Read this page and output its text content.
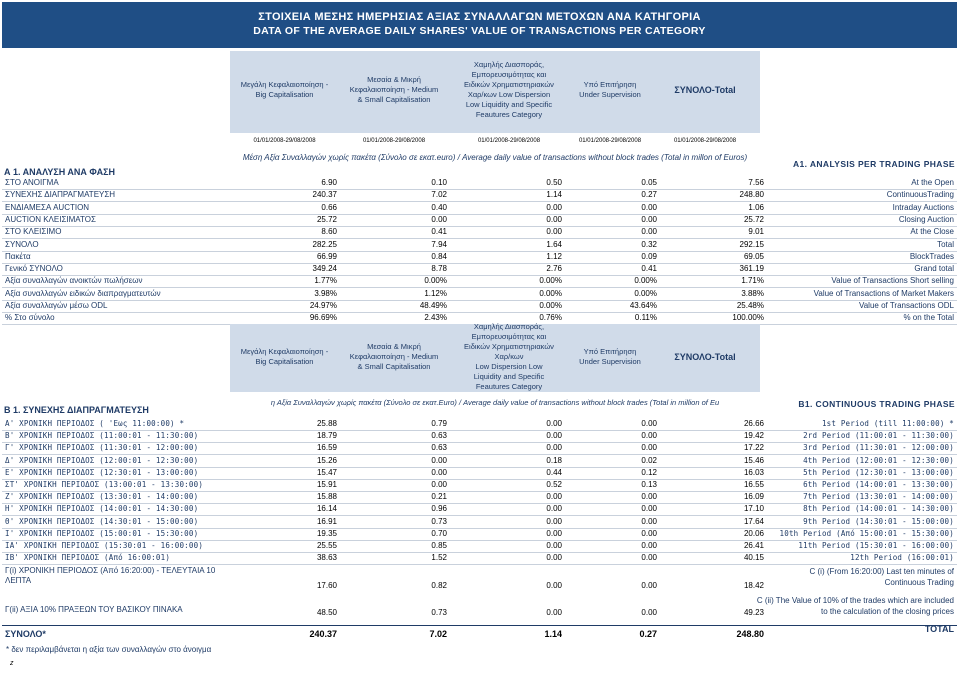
ΣΤΟΙΧΕΙΑ ΜΕΣΗΣ ΗΜΕΡΗΣΙΑΣ ΑΞΙΑΣ ΣΥΝΑΛΛΑΓΩΝ ΜΕΤΟΧΩΝ ΑΝΑ ΚΑΤΗΓΟΡΙΑ
DATA OF THE AVERAGE DAILY SHARES' VALUE OF TRANSACTIONS PER CATEGORY
Μεγάλη Κεφαλαιοποίηση -
Big Capitalisation
Μεσαία & Μικρή
Κεφαλαιοποίηση - Medium
& Small Capitalisation
Χαμηλής Διασποράς,
Εμπορευσιμότητας και
Ειδικών Χρηματιστηριακών
Χαρ/κων Low Dispersion
Low Liquidity and Specific
Feautures Category
Υπό Επιτήρηση
Under Supervision	ΣΥΝΟΛΟ-Total
01/01/2008-29/08/2008	01/01/2008-29/08/2008	01/01/2008-29/08/2008	01/01/2008-29/08/2008	01/01/2008-29/08/2008
Α 1. ΑΝΑΛΥΣΗ ΑΝΑ ΦΑΣΗ
Μέση Αξία Συναλλαγών χωρίς πακέτα (Σύνολο σε εκατ.euro) / Average daily value of transactions without block trades (Total in millon of Euros)
A1. ANALYSIS PER TRADING PHASE
ΣΤΟ ΑΝΟΙΓΜΑ	6.90	0.10	0.50	0.05	7.56	At the Open
ΣΥΝΕΧΗΣ ΔΙΑΠΡΑΓΜΑΤΕΥΣΗ	240.37	7.02	1.14	0.27	248.80	ContinuousTrading
ΕΝΔΙΑΜΕΣΑ AUCTION	0.66	0.40	0.00	0.00	1.06	Intraday Auctions
AUCTION ΚΛΕΙΣΙΜΑΤΟΣ	25.72	0.00	0.00	0.00	25.72	Closing Auction
ΣΤΟ ΚΛΕΙΣΙΜΟ	8.60	0.41	0.00	0.00	9.01	At the Close
ΣΥΝΟΛΟ	282.25	7.94	1.64	0.32	292.15	Total
Πακέτα	66.99	0.84	1.12	0.09	69.05	BlockTrades
Γενικό ΣΥΝΟΛΟ	349.24	8.78	2.76	0.41	361.19	Grand total
Αξία συναλλαγών ανοικτών πωλήσεων	1.77%	0.00%	0.00%	0.00%	1.71%	Value of Transactions Short selling
Αξία συναλλαγών ειδικών διαπραγματευτών	3.98%	1.12%	0.00%	0.00%	3.88%	Value of Transactions of Market Makers
Αξία συναλλαγών μέσω ODL	24.97%	48.49%	0.00%	43.64%	25.48%	Value of Transactions ODL
% Στο σύνολο	96.69%	2.43%	0.76%	0.11%	100.00%	% on the Total
Μεγάλη Κεφαλαιοποίηση -
Big Capitalisation
Μεσαία & Μικρή
Κεφαλαιοποίηση - Medium
& Small Capitalisation
Χαμηλής Διασποράς,
Εμπορευσιμότητας και
Ειδικών Χρηματιστηριακών
Χαρ/κων
Low Dispersion Low
Liquidity and Specific
Feautures Category
Υπό Επιτήρηση
Under Supervision	ΣΥΝΟΛΟ-Total
Β 1. ΣΥΝΕΧΗΣ ΔΙΑΠΡΑΓΜΑΤΕΥΣΗ
η Αξία Συναλλαγών χωρίς πακέτα (Σύνολο σε εκατ.Euro) / Average daily value of transactions without block trades (Total in million of Eu	B1. CONTINUOUS TRADING PHASE
Α' ΧΡΟΝΙΚΗ ΠΕΡΙΟΔΟΣ ( 'Εως 11:00:00) *	25.88	0.79	0.00	0.00	26.66	1st Period (till 11:00:00) *
Β' ΧΡΟΝΙΚΗ ΠΕΡΙΟΔΟΣ (11:00:01 - 11:30:00)	18.79	0.63	0.00	0.00	19.42	2rd Period (11:00:01 - 11:30:00)
Γ' ΧΡΟΝΙΚΗ ΠΕΡΙΟΔΟΣ (11:30:01 - 12:00:00)	16.59	0.63	0.00	0.00	17.22	3rd Period (11:30:01 - 12:00:00)
Δ' ΧΡΟΝΙΚΗ ΠΕΡΙΟΔΟΣ (12:00:01 - 12:30:00)	15.26	0.00	0.18	0.02	15.46	4th Period (12:00:01 - 12:30:00)
Ε' ΧΡΟΝΙΚΗ ΠΕΡΙΟΔΟΣ (12:30:01 - 13:00:00)	15.47	0.00	0.44	0.12	16.03	5th Period (12:30:01 - 13:00:00)
ΣΤ' ΧΡΟΝΙΚΗ ΠΕΡΙΟΔΟΣ (13:00:01 - 13:30:00)	15.91	0.00	0.52	0.13	16.55	6th Period (14:00:01 - 13:30:00)
Ζ' ΧΡΟΝΙΚΗ ΠΕΡΙΟΔΟΣ (13:30:01 - 14:00:00)	15.88	0.21	0.00	0.00	16.09	7th Period (13:30:01 - 14:00:00)
Η' ΧΡΟΝΙΚΗ ΠΕΡΙΟΔΟΣ (14:00:01 - 14:30:00)	16.14	0.96	0.00	0.00	17.10	8th Period (14:00:01 - 14:30:00)
Θ' ΧΡΟΝΙΚΗ ΠΕΡΙΟΔΟΣ (14:30:01 - 15:00:00)	16.91	0.73	0.00	0.00	17.64	9th Period (14:30:01 - 15:00:00)
Ι' ΧΡΟΝΙΚΗ ΠΕΡΙΟΔΟΣ (15:00:01 - 15:30:00)	19.35	0.70	0.00	0.00	20.06 10th Period (Από 15:00:01 - 15:30:00)
ΙΑ' ΧΡΟΝΙΚΗ ΠΕΡΙΟΔΟΣ (15:30:01 - 16:00:00)	25.55	0.85	0.00	0.00	26.41	11th Period (15:30:01 - 16:00:00)
ΙΒ' ΧΡΟΝΙΚΗ ΠΕΡΙΟΔΟΣ (Από 16:00:01)	38.63	1.52	0.00	0.00	40.15	12th Period (16:00:01)
Γ(i) ΧΡΟΝΙΚΗ ΠΕΡΙΟΔΟΣ (Από 16:20:00) - ΤΕΛΕΥΤΑΙΑ 10 ΛΕΠΤΑ
17.60	0.82	0.00	0.00	18.42
C (i) (From 16:20:00) Last ten minutes of Continuous Trading
Γ(ii) ΑΞΙΑ 10% ΠΡΑΞΕΩΝ ΤΟΥ ΒΑΣΙΚΟΥ ΠΙΝΑΚΑ	48.50	0.73	0.00	0.00	49.23
C (ii) The Value of 10% of the trades which are included to the calculation of the closing prices
ΣΥΝΟΛΟ*	240.37	7.02	1.14	0.27	248.80	TOTAL
* δεν περιλαμβάνεται η αξία των συναλλαγών στο άνοιγμα
z
